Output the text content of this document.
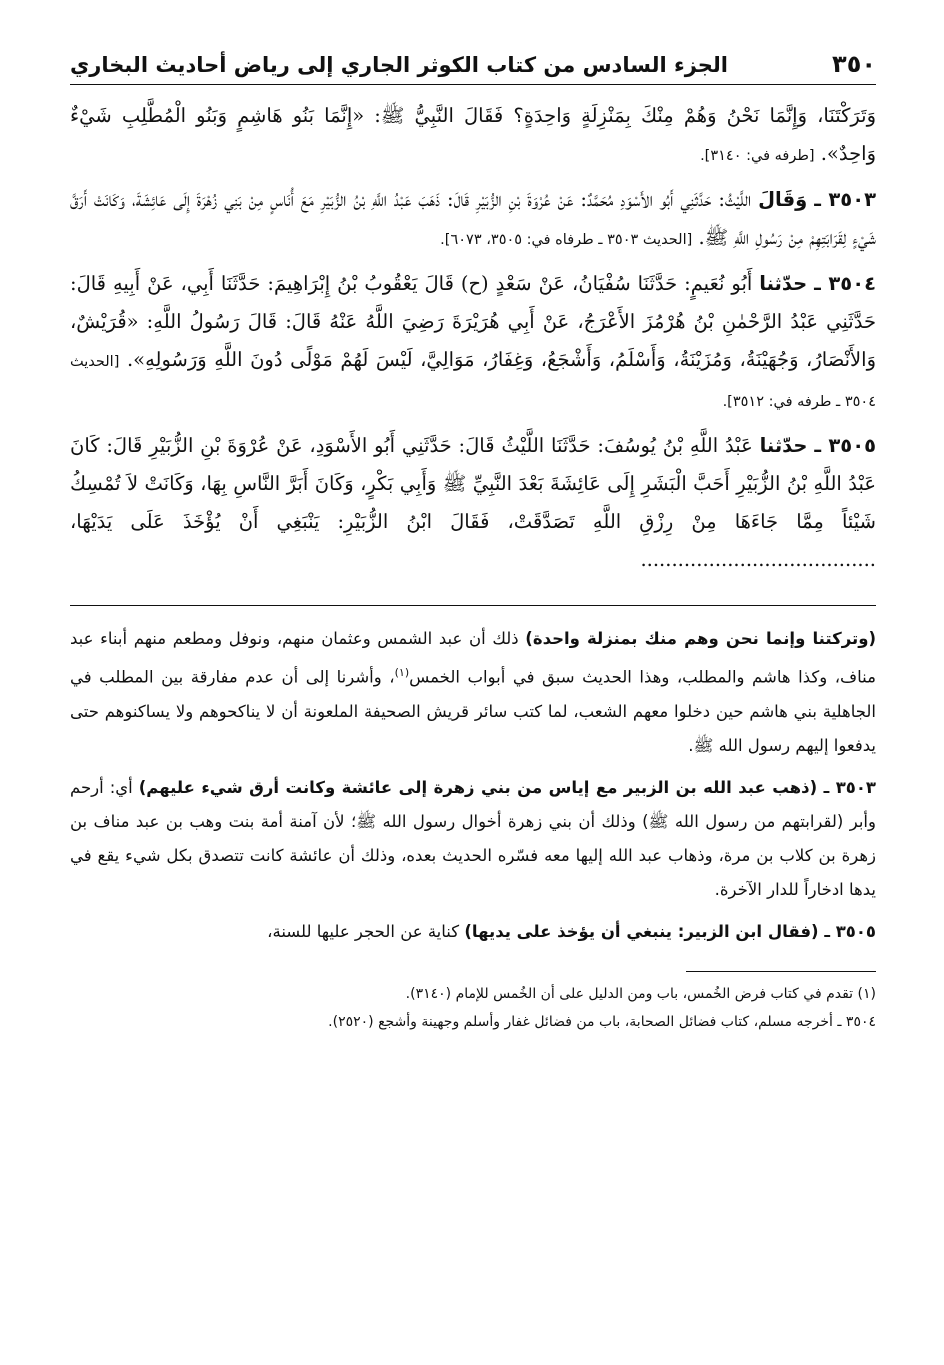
٣٥٠
الجزء السادس من كتاب الكوثر الجاري إلى رياض أحاديث البخاري

وَتَرَكْتَنَا، وَإِنَّمَا نَحْنُ وَهُمْ مِنْكَ بِمَنْزِلَةٍ وَاحِدَةٍ؟ فَقَالَ النَّبِيُّ ﷺ: «إِنَّمَا بَنُو هَاشِمٍ وَبَنُو الْمُطَّلِبِ شَيْءٌ وَاحِدٌ». [طرفه في: ٣١٤٠].

٣٥٠٣ ـ وَقَالَ اللَّيْثُ: حَدَّثَنِي أَبُو الأَسْوَدِ مُحَمَّدٌ: عَنْ عُرْوَةَ بْنِ الزُّبَيْرِ قَالَ: ذَهَبَ عَبْدُ اللَّهِ بْنُ الزُّبَيْرِ مَعَ أُنَاسٍ مِنْ بَنِي زُهْرَةَ إِلَى عَائِشَةَ، وَكَانَتْ أَرَقَّ شَيْءٍ لِقَرَابَتِهِمْ مِنْ رَسُولِ اللَّهِ ﷺ. [الحديث ٣٥٠٣ ـ طرفاه في: ٣٥٠٥، ٦٠٧٣].

٣٥٠٤ ـ حدّثنا أَبُو نُعَيمٍ: حَدَّثَنَا سُفْيَانُ، عَنْ سَعْدٍ (ح) قَالَ يَعْقُوبُ بْنُ إِبْرَاهِيمَ: حَدَّثَنَا أَبِي، عَنْ أَبِيهِ قَالَ: حَدَّثَنِي عَبْدُ الرَّحْمٰنِ بْنُ هُرْمُزَ الأَعْرَجُ، عَنْ أَبِي هُرَيْرَةَ رَضِيَ اللَّهُ عَنْهُ قَالَ: قَالَ رَسُولُ اللَّهِ: «قُرَيْشٌ، وَالأَنْصَارُ، وَجُهَيْنَةُ، وَمُزَيْنَةُ، وَأَسْلَمُ، وَأَشْجَعُ، وَغِفَارُ، مَوَالِيَّ، لَيْسَ لَهُمْ مَوْلًى دُونَ اللَّهِ وَرَسُولِهِ». [الحديث ٣٥٠٤ ـ طرفه في: ٣٥١٢].

٣٥٠٥ ـ حدّثنا عَبْدُ اللَّهِ بْنُ يُوسُفَ: حَدَّثَنَا اللَّيْثُ قَالَ: حَدَّثَنِي أَبُو الأَسْوَدِ، عَنْ عُرْوَةَ بْنِ الزُّبَيْرِ قَالَ: كَانَ عَبْدُ اللَّهِ بْنُ الزُّبَيْرِ أَحَبَّ الْبَشَرِ إِلَى عَائِشَةَ بَعْدَ النَّبِيِّ ﷺ وَأَبِي بَكْرٍ، وَكَانَ أَبَرَّ النَّاسِ بِهَا، وَكَانَتْ لاَ تُمْسِكُ شَيْئاً مِمَّا جَاءَهَا مِنْ رِزْقِ اللَّهِ تَصَدَّقَتْ، فَقَالَ ابْنُ الزُّبَيْرِ: يَنْبَغِي أَنْ يُؤْخَذَ عَلَى يَدَيْهَا، ......................................

(وتركتنا وإنما نحن وهم منك بمنزلة واحدة) ذلك أن عبد الشمس وعثمان منهم، ونوفل ومطعم منهم أبناء عبد مناف، وكذا هاشم والمطلب، وهذا الحديث سبق في أبواب الخمس$^{(١)}$، وأشرنا إلى أن عدم مفارقة بين المطلب في الجاهلية بني هاشم حين دخلوا معهم الشعب، لما كتب سائر قريش الصحيفة الملعونة أن لا يناكحوهم ولا يساكنوهم حتى يدفعوا إليهم رسول الله ﷺ.

٣٥٠٣ ـ (ذهب عبد الله بن الزبير مع إياس من بني زهرة إلى عائشة وكانت أرق شيء عليهم) أي: أرحم وأبر (لقرابتهم من رسول الله ﷺ) وذلك أن بني زهرة أخوال رسول الله ﷺ؛ لأن آمنة أمة بنت وهب بن عبد مناف بن زهرة بن كلاب بن مرة، وذهاب عبد الله إليها معه فسّره الحديث بعده، وذلك أن عائشة كانت تتصدق بكل شيء يقع في يدها ادخاراً للدار الآخرة.

٣٥٠٥ ـ (فقال ابن الزبير: ينبغي أن يؤخذ على يديها) كناية عن الحجر عليها للسنة،

(١) تقدم في كتاب فرض الخُمس، باب ومن الدليل على أن الخُمس للإمام (٣١٤٠).

٣٥٠٤ ـ أخرجه مسلم، كتاب فضائل الصحابة، باب من فضائل غفار وأسلم وجهينة وأشجع (٢٥٢٠).
